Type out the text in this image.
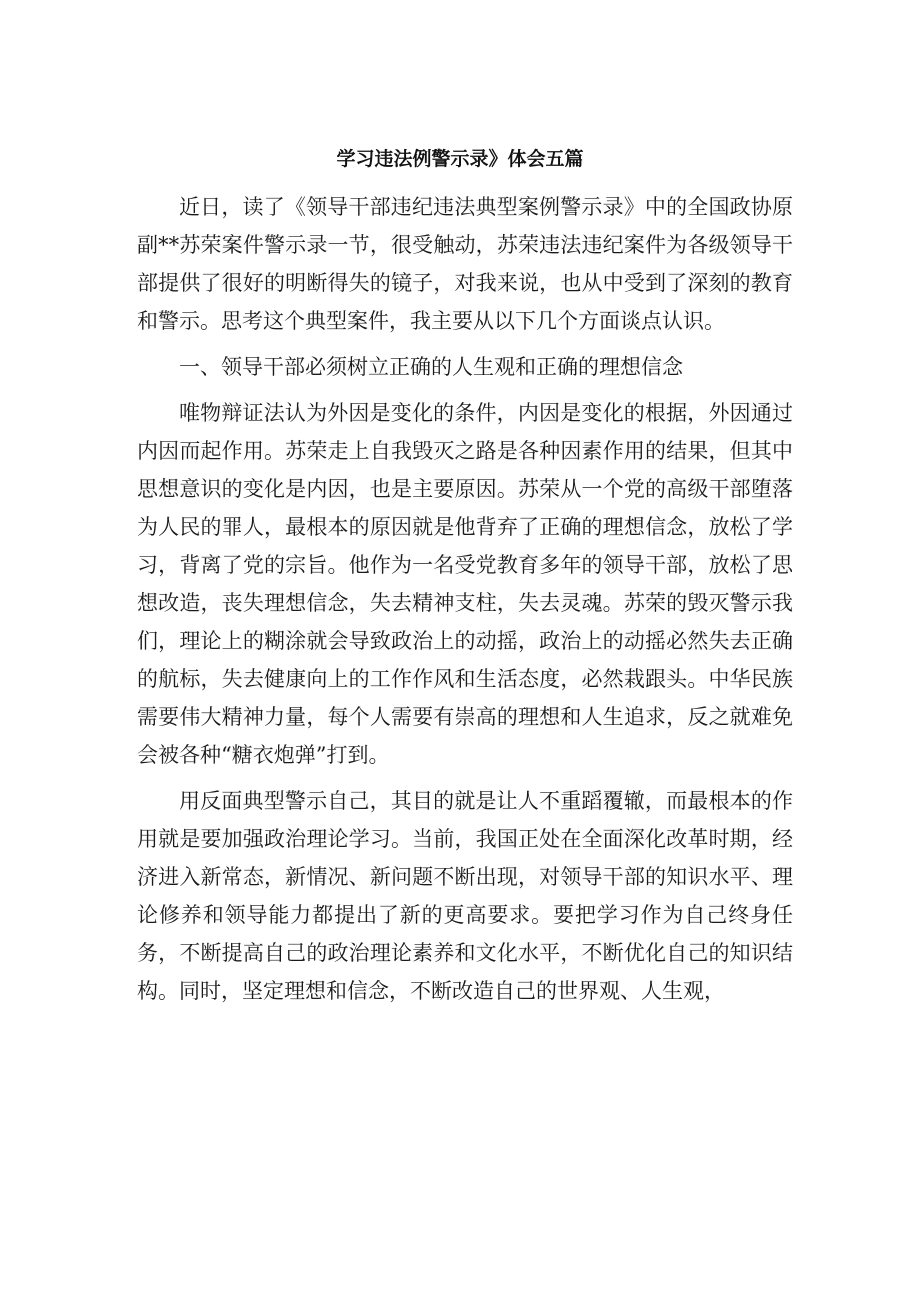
学习违法例警示录》体会五篇

近日，读了《领导干部违纪违法典型案例警示录》中的全国政协原副**苏荣案件警示录一节，很受触动，苏荣违法违纪案件为各级领导干部提供了很好的明断得失的镜子，对我来说，也从中受到了深刻的教育和警示。思考这个典型案件，我主要从以下几个方面谈点认识。

一、领导干部必须树立正确的人生观和正确的理想信念

唯物辩证法认为外因是变化的条件，内因是变化的根据，外因通过内因而起作用。苏荣走上自我毁灭之路是各种因素作用的结果，但其中思想意识的变化是内因，也是主要原因。苏荣从一个党的高级干部堕落为人民的罪人，最根本的原因就是他背弃了正确的理想信念，放松了学习，背离了党的宗旨。他作为一名受党教育多年的领导干部，放松了思想改造，丧失理想信念，失去精神支柱，失去灵魂。苏荣的毁灭警示我们，理论上的糊涂就会导致政治上的动摇，政治上的动摇必然失去正确的航标，失去健康向上的工作作风和生活态度，必然栽跟头。中华民族需要伟大精神力量，每个人需要有崇高的理想和人生追求，反之就难免会被各种“糖衣炮弹”打到。

用反面典型警示自己，其目的就是让人不重蹈覆辙，而最根本的作用就是要加强政治理论学习。当前，我国正处在全面深化改革时期，经济进入新常态，新情况、新问题不断出现，对领导干部的知识水平、理论修养和领导能力都提出了新的更高要求。要把学习作为自己终身任务，不断提高自己的政治理论素养和文化水平，不断优化自己的知识结构。同时，坚定理想和信念，不断改造自己的世界观、人生观，
